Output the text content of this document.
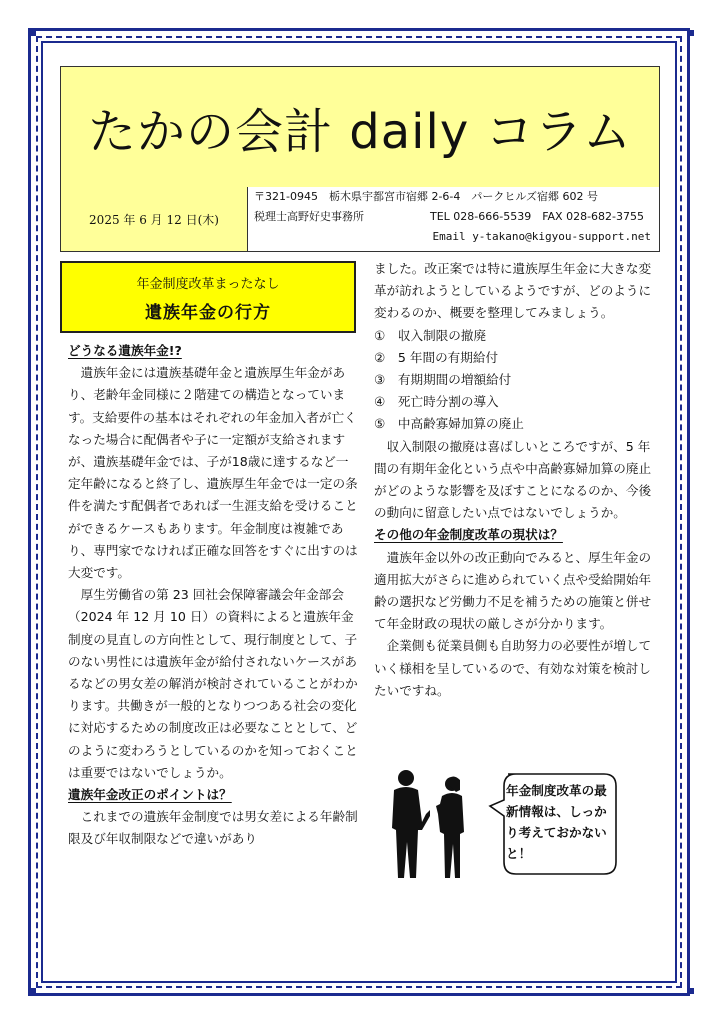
たかの会計 daily コラム
2025 年 6 月 12 日(木)
〒321-0945　栃木県宇都宮市宿郷 2-6-4　パークヒルズ宿郷 602 号
税理士高野好史事務所	TEL 028-666-5539　FAX 028-682-3755
Email y-takano@kigyou-support.net
年金制度改革まったなし
遺族年金の行方
どうなる遺族年金!?

遺族年金には遺族基礎年金と遺族厚生年金があり、老齢年金同様に２階建ての構造となっています。支給要件の基本はそれぞれの年金加入者が亡くなった場合に配偶者や子に一定額が支給されますが、遺族基礎年金では、子が18歳に達するなど一定年齢になると終了し、遺族厚生年金では一定の条件を満たす配偶者であれば一生涯支給を受けることができるケースもあります。年金制度は複雑であり、専門家でなければ正確な回答をすぐに出すのは大変です。

厚生労働省の第 23 回社会保障審議会年金部会（2024 年 12 月 10 日）の資料によると遺族年金制度の見直しの方向性として、現行制度として、子のない男性には遺族年金が給付されないケースがあるなどの男女差の解消が検討されていることがわかります。共働きが一般的となりつつある社会の変化に対応するための制度改正は必要なこととして、どのように変わろうとしているのかを知っておくことは重要ではないでしょうか。

遺族年金改正のポイントは？

これまでの遺族年金制度では男女差による年齢制限及び年収制限などで違いがあり

ました。改正案では特に遺族厚生年金に大きな変革が訪れようとしているようですが、どのように変わるのか、概要を整理してみましょう。

①　収入制限の撤廃
②　5 年間の有期給付
③　有期期間の増額給付
④　死亡時分割の導入
⑤　中高齢寡婦加算の廃止

収入制限の撤廃は喜ばしいところですが、5 年間の有期年金化という点や中高齢寡婦加算の廃止がどのような影響を及ぼすことになるのか、今後の動向に留意したい点ではないでしょうか。

その他の年金制度改革の現状は？

遺族年金以外の改正動向でみると、厚生年金の適用拡大がさらに進められていく点や受給開始年齢の選択など労働力不足を補うための施策と併せて年金財政の現状の厳しさが分かります。

企業側も従業員側も自助努力の必要性が増していく様相を呈しているので、有効な対策を検討したいですね。

年金制度改革の最新情報は、しっかり考えておかないと！
